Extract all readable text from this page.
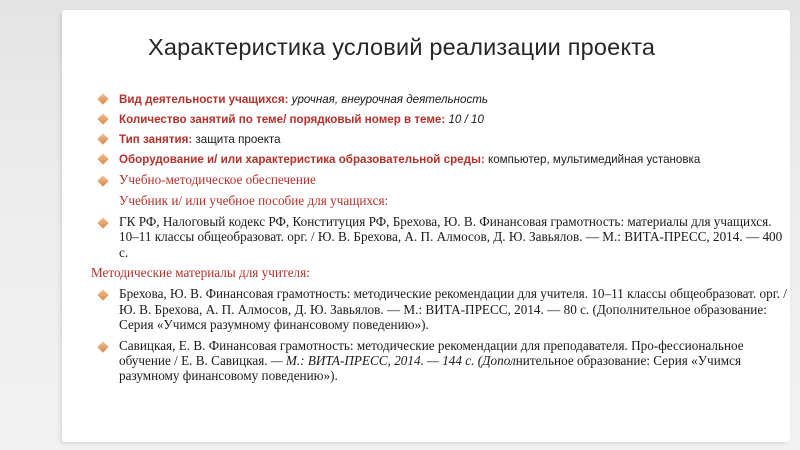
Характеристика условий реализации проекта
Вид деятельности учащихся: урочная, внеурочная деятельность
Количество занятий по теме/ порядковый номер в теме: 10 / 10
Тип занятия: защита проекта
Оборудование и/ или характеристика образовательной среды: компьютер, мультимедийная установка
Учебно-методическое обеспечение
Учебник и/ или учебное пособие для учащихся:
ГК РФ, Налоговый кодекс РФ, Конституция РФ, Брехова, Ю. В. Финансовая грамотность: материалы для учащихся. 10–11 классы общеобразоват. орг. / Ю. В. Брехова, А. П. Алмосов, Д. Ю. Завьялов. — М.: ВИТА-ПРЕСС, 2014. — 400 с.
Методические материалы для учителя:
Брехова, Ю. В. Финансовая грамотность: методические рекомендации для учителя. 10–11 классы общеобразоват. орг. / Ю. В. Брехова, А. П. Алмосов, Д. Ю. Завьялов. — М.: ВИТА-ПРЕСС, 2014. — 80 с. (Дополнительное образование: Серия «Учимся разумному финансовому поведению»).
Савицкая, Е. В. Финансовая грамотность: методические рекомендации для преподавателя. Про-фессиональное обучение / Е. В. Савицкая. — М.: ВИТА-ПРЕСС, 2014. — 144 с. (Дополнительное образование: Серия «Учимся разумному финансовому поведению»).
